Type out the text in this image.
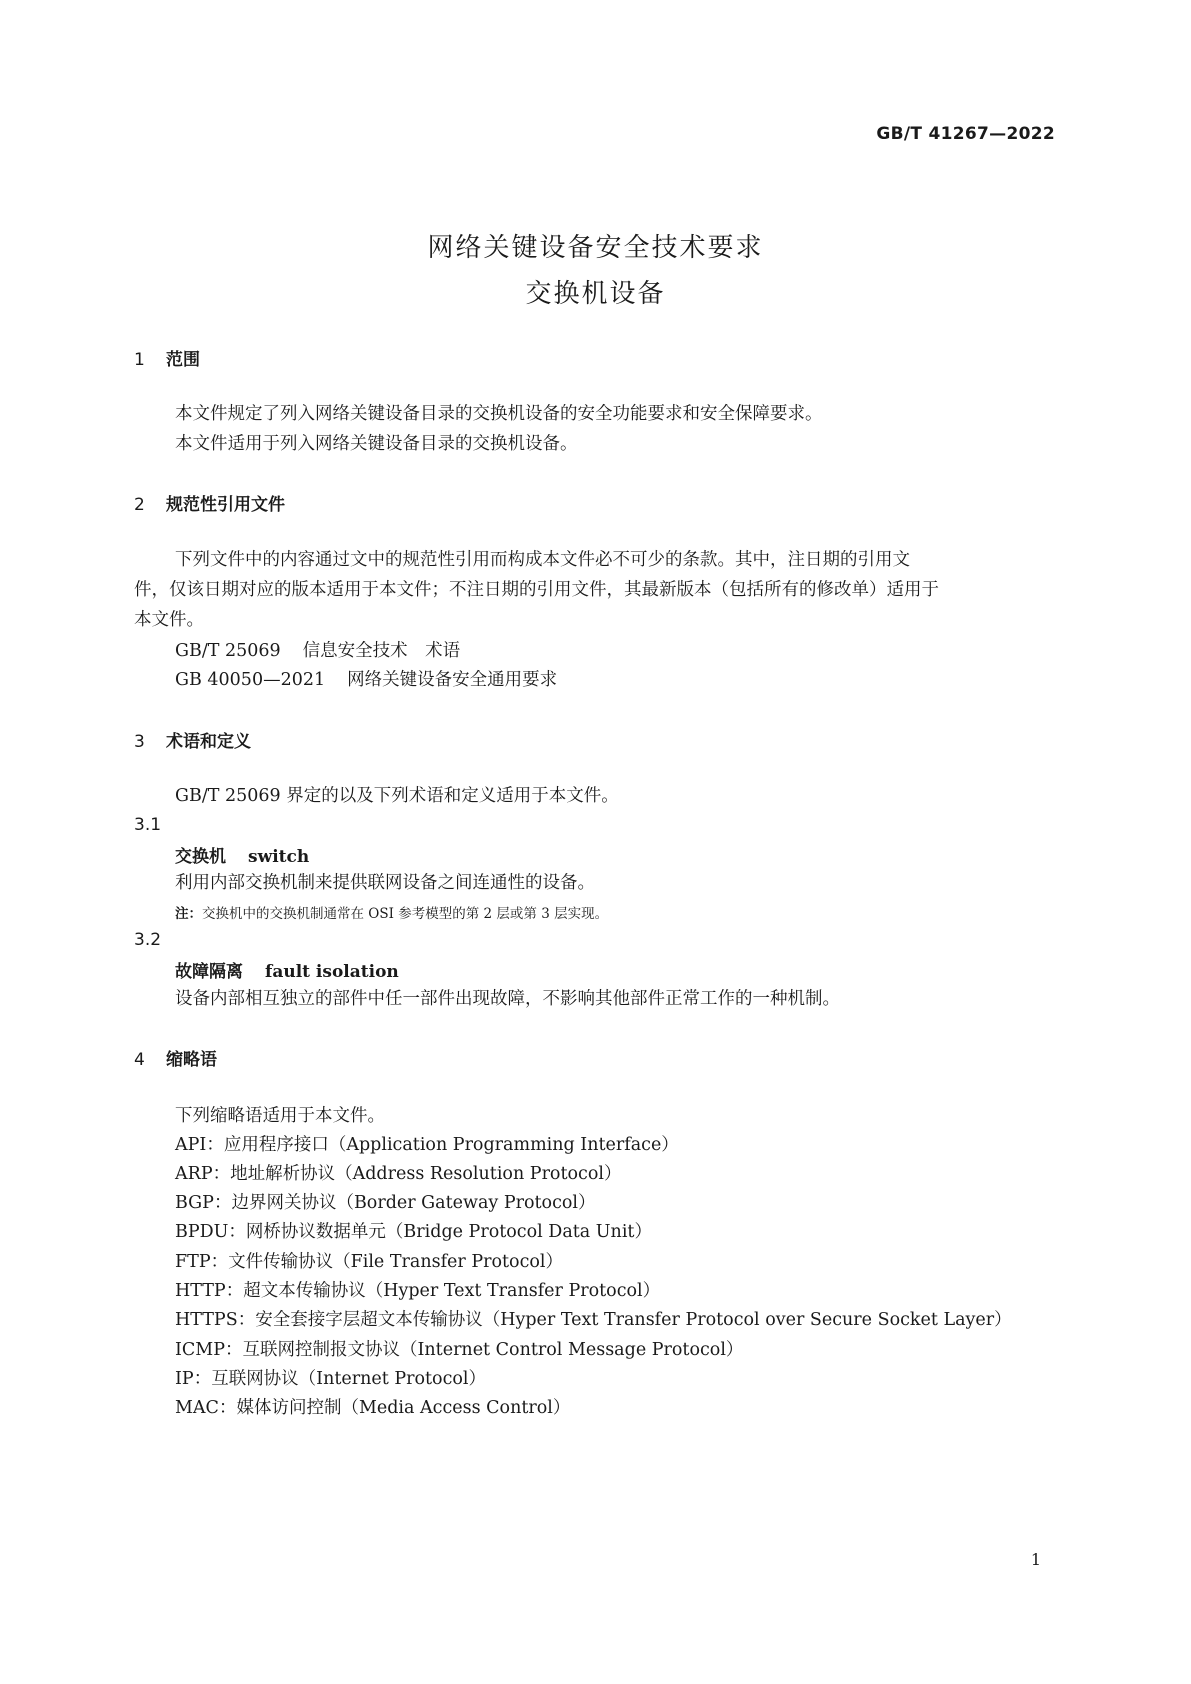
GB/T 41267—2022
网络关键设备安全技术要求
交换机设备
1 范围
本文件规定了列入网络关键设备目录的交换机设备的安全功能要求和安全保障要求。
本文件适用于列入网络关键设备目录的交换机设备。
2 规范性引用文件
下列文件中的内容通过文中的规范性引用而构成本文件必不可少的条款。其中，注日期的引用文
件，仅该日期对应的版本适用于本文件；不注日期的引用文件，其最新版本（包括所有的修改单）适用于
本文件。
GB/T 25069 信息安全技术　术语
GB 40050—2021 网络关键设备安全通用要求
3 术语和定义
GB/T 25069 界定的以及下列术语和定义适用于本文件。
3.1
交换机 switch
利用内部交换机制来提供联网设备之间连通性的设备。
注：交换机中的交换机制通常在 OSI 参考模型的第 2 层或第 3 层实现。
3.2
故障隔离 fault isolation
设备内部相互独立的部件中任一部件出现故障，不影响其他部件正常工作的一种机制。
4 缩略语
下列缩略语适用于本文件。
API：应用程序接口（Application Programming Interface）
ARP：地址解析协议（Address Resolution Protocol）
BGP：边界网关协议（Border Gateway Protocol）
BPDU：网桥协议数据单元（Bridge Protocol Data Unit）
FTP：文件传输协议（File Transfer Protocol）
HTTP：超文本传输协议（Hyper Text Transfer Protocol）
HTTPS：安全套接字层超文本传输协议（Hyper Text Transfer Protocol over Secure Socket Layer）
ICMP：互联网控制报文协议（Internet Control Message Protocol）
IP：互联网协议（Internet Protocol）
MAC：媒体访问控制（Media Access Control）
1
